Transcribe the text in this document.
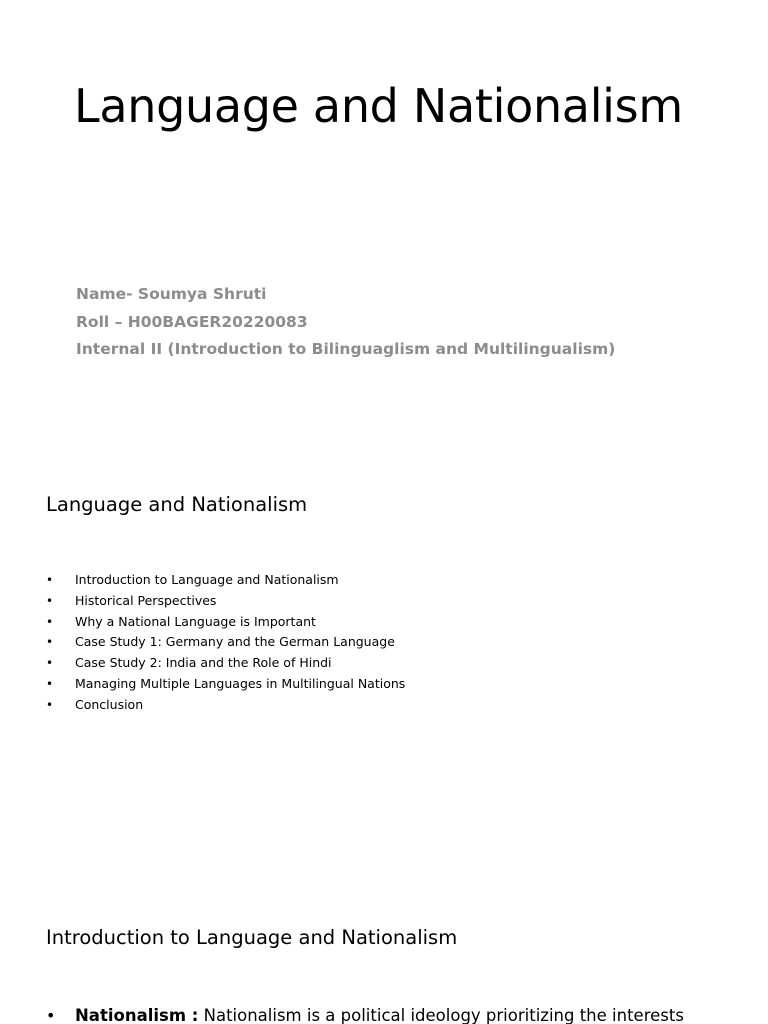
Language and Nationalism
Name- Soumya Shruti
Roll – H00BAGER20220083
Internal II (Introduction to Bilinguaglism and Multilingualism)
Language and Nationalism
• Introduction to Language and Nationalism
• Historical Perspectives
• Why a National Language is Important
• Case Study 1: Germany and the German Language
• Case Study 2: India and the Role of Hindi
• Managing Multiple Languages in Multilingual Nations
• Conclusion
Introduction to Language and Nationalism
• Nationalism : Nationalism is a political ideology prioritizing the interests
